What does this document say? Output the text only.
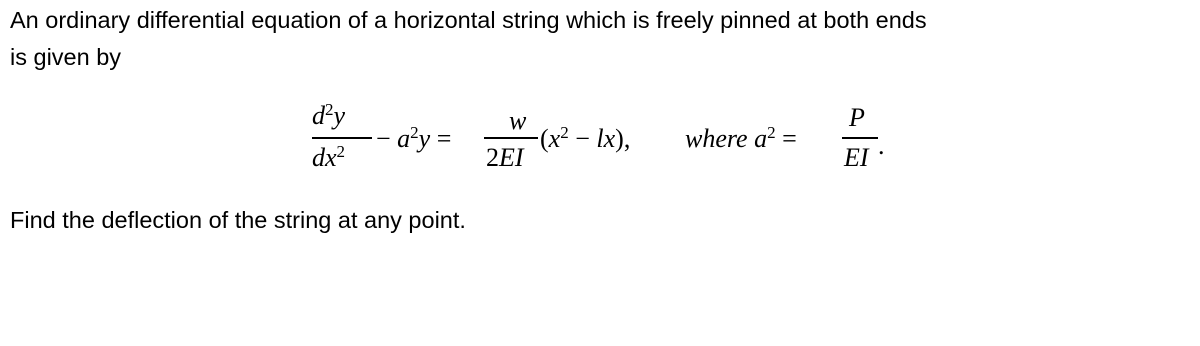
An ordinary differential equation of a horizontal string which is freely pinned at both ends
is given by
$d^2y$
$dx^2 - a^2y$ =
w
2EI
$(x^2 - lx)$, where $a^2$ =
P
EI .
Find the deflection of the string at any point.
